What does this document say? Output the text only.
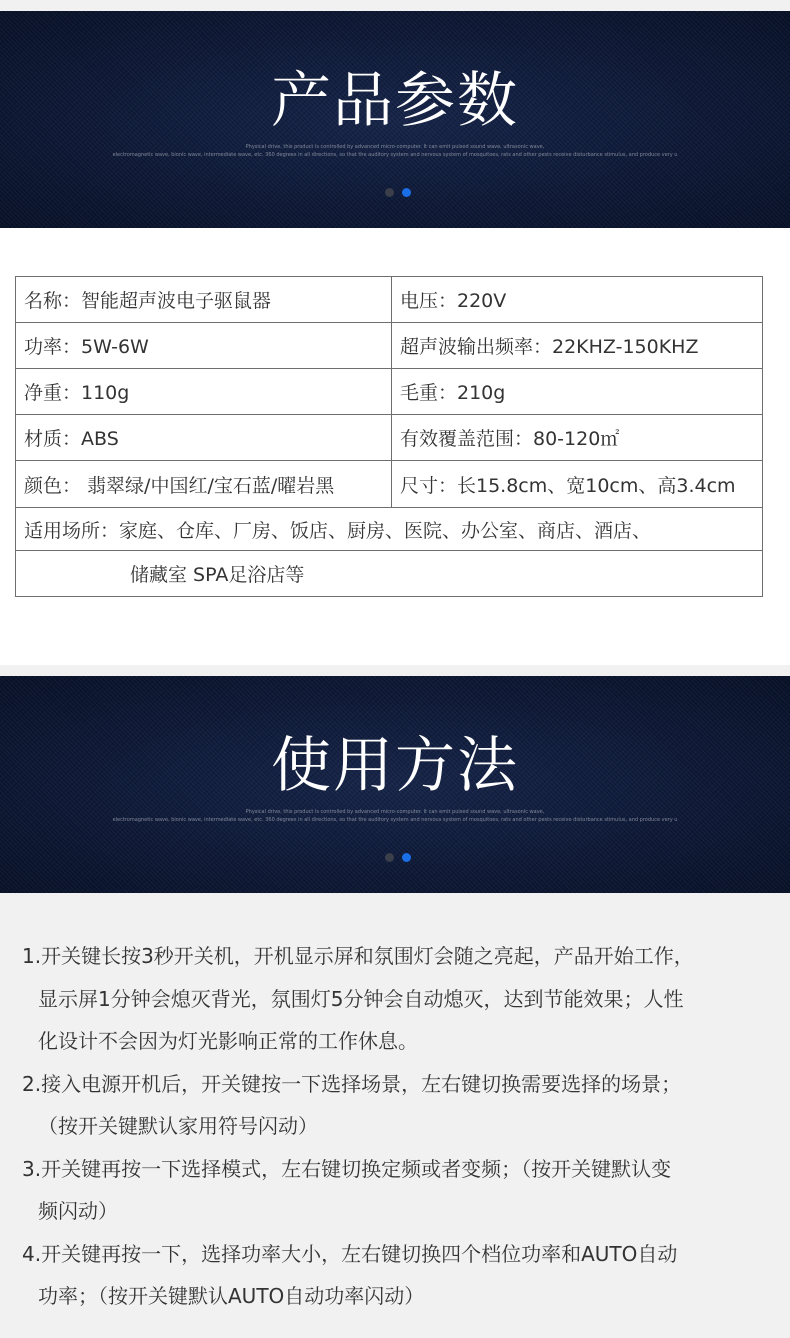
产品参数
Physical drive, this product is controlled by advanced micro-computer. It can emit pulsed sound wave, ultrasonic wave,
electromagnetic wave, bionic wave, intermediate wave, etc. 360 degrees in all directions, so that the auditory system and nervous system of mosquitoes, rats and other pests receive disturbance stimulus, and produce very u
名称：智能超声波电子驱鼠器	电压：220V
功率：5W-6W	超声波输出频率：22KHZ-150KHZ
净重：110g	毛重：210g
材质：ABS	有效覆盖范围：80-120㎡
颜色： 翡翠绿/中国红/宝石蓝/曜岩黑	尺寸：长15.8cm、宽10cm、高3.4cm
适用场所：家庭、仓库、厂房、饭店、厨房、医院、办公室、商店、酒店、	
储藏室 SPA足浴店等	
使用方法
Physical drive, this product is controlled by advanced micro-computer. It can emit pulsed sound wave, ultrasonic wave,
electromagnetic wave, bionic wave, intermediate wave, etc. 360 degrees in all directions, so that the auditory system and nervous system of mosquitoes, rats and other pests receive disturbance stimulus, and produce very u
1.开关键长按3秒开关机，开机显示屏和氛围灯会随之亮起，产品开始工作，
显示屏1分钟会熄灭背光，氛围灯5分钟会自动熄灭，达到节能效果；人性
化设计不会因为灯光影响正常的工作休息。
2.接入电源开机后，开关键按一下选择场景，左右键切换需要选择的场景；
（按开关键默认家用符号闪动）
3.开关键再按一下选择模式，左右键切换定频或者变频；（按开关键默认变
频闪动）
4.开关键再按一下，选择功率大小，左右键切换四个档位功率和AUTO自动
功率；（按开关键默认AUTO自动功率闪动）
